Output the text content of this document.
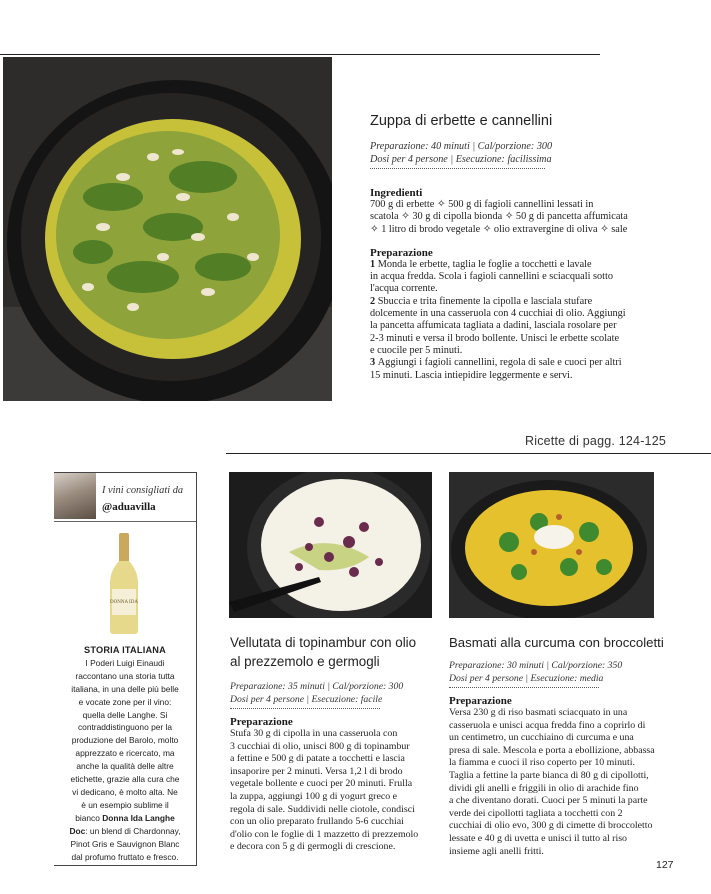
Zuppa di erbette e cannellini
Preparazione: 40 minuti | Cal/porzione: 300
Dosi per 4 persone | Esecuzione: facilissima
Ingredienti

700 g di erbette ✧ 500 g di fagioli cannellini lessati in

scatola ✧ 30 g di cipolla bionda ✧ 50 g di pancetta affumicata

✧ 1 litro di brodo vegetale ✧ olio extravergine di oliva ✧ sale

Preparazione

1 Monda le erbette, taglia le foglie a tocchetti e lavale

in acqua fredda. Scola i fagioli cannellini e sciacquali sotto

l'acqua corrente.

2 Sbuccia e trita finemente la cipolla e lasciala stufare

dolcemente in una casseruola con 4 cucchiai di olio. Aggiungi

la pancetta affumicata tagliata a dadini, lasciala rosolare per

2-3 minuti e versa il brodo bollente. Unisci le erbette scolate

e cuocile per 5 minuti.

3 Aggiungi i fagioli cannellini, regola di sale e cuoci per altri

15 minuti. Lascia intiepidire leggermente e servi.

Ricette di pagg. 124-125
I vini consigliati da
@aduavilla
DONNA IDA
STORIA ITALIANA
I Poderi Luigi Einaudi
raccontano una storia tutta
italiana, in una delle più belle
e vocate zone per il vino:
quella delle Langhe. Si
contraddistinguono per la
produzione del Barolo, molto
apprezzato e ricercato, ma
anche la qualità delle altre
etichette, grazie alla cura che
vi dedicano, è molto alta. Ne
è un esempio sublime il
bianco Donna Ida Langhe
Doc: un blend di Chardonnay,
Pinot Gris e Sauvignon Blanc
dal profumo fruttato e fresco.
Vellutata di topinambur con olio
al prezzemolo e germogli
Preparazione: 35 minuti | Cal/porzione: 300
Dosi per 4 persone | Esecuzione: facile
Preparazione

Stufa 30 g di cipolla in una casseruola con

3 cucchiai di olio, unisci 800 g di topinambur

a fettine e 500 g di patate a tocchetti e lascia

insaporire per 2 minuti. Versa 1,2 l di brodo

vegetale bollente e cuoci per 20 minuti. Frulla

la zuppa, aggiungi 100 g di yogurt greco e

regola di sale. Suddividi nelle ciotole, condisci

con un olio preparato frullando 5-6 cucchiai

d'olio con le foglie di 1 mazzetto di prezzemolo

e decora con 5 g di germogli di crescione.

Basmati alla curcuma con broccoletti
Preparazione: 30 minuti | Cal/porzione: 350
Dosi per 4 persone | Esecuzione: media
Preparazione

Versa 230 g di riso basmati sciacquato in una

casseruola e unisci acqua fredda fino a coprirlo di

un centimetro, un cucchiaino di curcuma e una

presa di sale. Mescola e porta a ebollizione, abbassa

la fiamma e cuoci il riso coperto per 10 minuti.

Taglia a fettine la parte bianca di 80 g di cipollotti,

dividi gli anelli e friggili in olio di arachide fino

a che diventano dorati. Cuoci per 5 minuti la parte

verde dei cipollotti tagliata a tocchetti con 2

cucchiai di olio evo, 300 g di cimette di broccoletto

lessate e 40 g di uvetta e unisci il tutto al riso

insieme agli anelli fritti.

127
